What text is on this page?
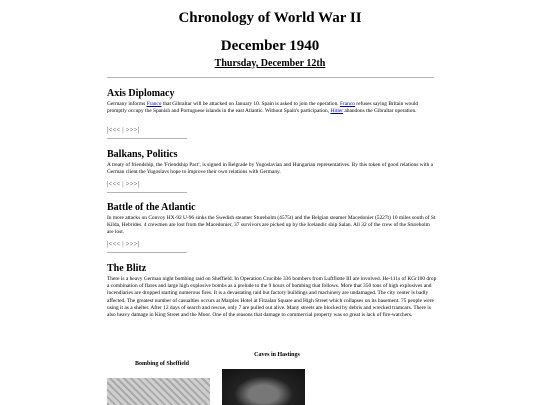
Chronology of World War II
December 1940
Thursday, December 12th
Axis Diplomacy

Germany informs Franco that Gibraltar will be attacked on January 10. Spain is asked to join the operation. Franco refuses saying Britain would promptly occupy the Spanish and Portuguese islands in the east Atlantic. Without Spain's participation, Hitler abandons the Gibraltar operation.

|<<< | >>>|
Balkans, Politics

A treaty of friendship, the 'Friendship Pact', is signed in Belgrade by Yugoslavian and Hungarian representatives. By this token of good relations with a German client the Yugoslavs hope to improve their own relations with Germany.

|<<< | >>>|
Battle of the Atlantic

In more attacks on Convoy HX-92 U-96 sinks the Swedish steamer Stureholm (4575t) and the Belgian steamer Macedonier (5227t) 10 miles south of St Kilda, Hebrides. 4 crewmen are lost from the Macedonier, 37 survivors are picked up by the Icelandic ship Salan. All 32 of the crew of the Stureholm are lost.

|<<< | >>>|
The Blitz

There is a heavy German night bombing raid on Sheffield. In Operation Crucible 336 bombers from Luftflotte III are involved. He-111s of KGr100 drop a combination of flares and large high explosive bombs as a prelude to the 9 hours of bombing that follows. More that 350 tons of high explosives and incendiaries are dropped starting numerous fires. It is a devastating raid but factory buildings and machinery are undamaged. The city center is badly affected. The greatest number of casualties occurs at Marples Hotel at Fitzalan Square and High Street which collapses on its basement. 75 people were using it as a shelter. After 12 days of search and rescue, only 7 are pulled out alive. Many streets are blocked by debris and wrecked tramcars. There is also heavy damage in King Street and the Moor. One of the reasons that damage to commercial property was so great is lack of fire-watchers.

Bombing of Sheffield
Caves in Hastings
